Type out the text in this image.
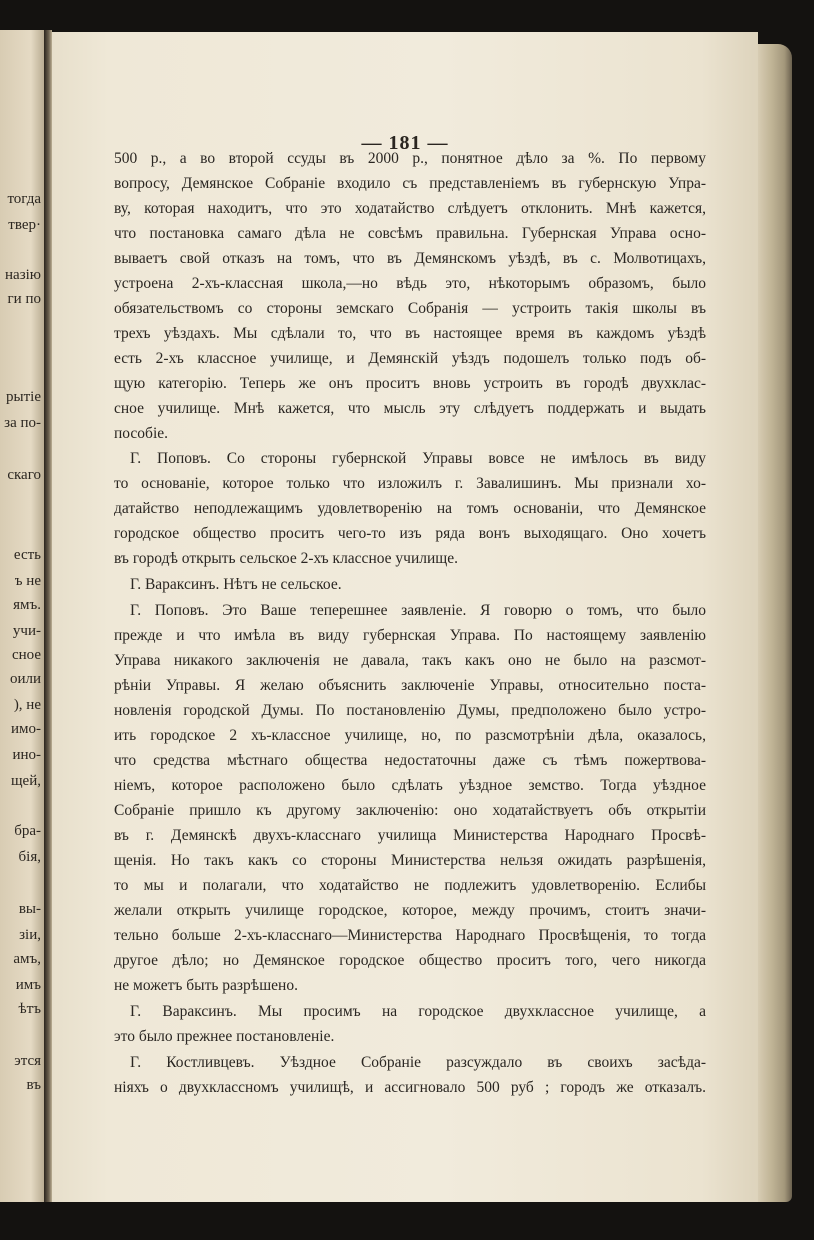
тогда
твер·
назію
ги по
рытіе
за по-
скаго
есть
ъ не
ямъ.
учи-
сное
оили
), не
имо-
ино-
щей,
бра-
бія,
вы-
зіи,
амъ,
имъ
ѣтъ
этся
въ
— 181 —
500 р., а во второй ссуды въ 2000 р., понятное дѣло за %. По первому
вопросу, Демянское Собраніе входило съ представленіемъ въ губернскую Упра-
ву, которая находитъ, что это ходатайство слѣдуетъ отклонить. Мнѣ кажется,
что постановка самаго дѣла не совсѣмъ правильна. Губернская Управа осно-
вываетъ свой отказъ на томъ, что въ Демянскомъ уѣздѣ, въ с. Молвотицахъ,
устроена 2-хъ-классная школа,—но вѣдь это, нѣкоторымъ образомъ, было
обязательствомъ со стороны земскаго Собранія — устроить такія школы въ
трехъ уѣздахъ. Мы сдѣлали то, что въ настоящее время въ каждомъ уѣздѣ
есть 2-хъ классное училище, и Демянскій уѣздъ подошелъ только подъ об-
щую категорію. Теперь же онъ проситъ вновь устроить въ городѣ двухклас-
сное училище. Мнѣ кажется, что мысль эту слѣдуетъ поддержать и выдать
пособіе.
Г. Поповъ. Со стороны губернской Управы вовсе не имѣлось въ виду
то основаніе, которое только что изложилъ г. Завалишинъ. Мы признали хо-
датайство неподлежащимъ удовлетворенію на томъ основаніи, что Демянское
городское общество проситъ чего-то изъ ряда вонъ выходящаго. Оно хочетъ
въ городѣ открыть сельское 2-хъ классное училище.
Г. Вараксинъ. Нѣтъ не сельское.
Г. Поповъ. Это Ваше теперешнее заявленіе. Я говорю о томъ, что было
прежде и что имѣла въ виду губернская Управа. По настоящему заявленію
Управа никакого заключенія не давала, такъ какъ оно не было на разсмот-
рѣніи Управы. Я желаю объяснить заключеніе Управы, относительно поста-
новленія городской Думы. По постановленію Думы, предположено было устро-
ить городское 2 хъ-классное училище, но, по разсмотрѣніи дѣла, оказалось,
что средства мѣстнаго общества недостаточны даже съ тѣмъ пожертвова-
ніемъ, которое расположено было сдѣлать уѣздное земство. Тогда уѣздное
Собраніе пришло къ другому заключенію: оно ходатайствуетъ объ открытіи
въ г. Демянскѣ двухъ-класснаго училища Министерства Народнаго Просвѣ-
щенія. Но такъ какъ со стороны Министерства нельзя ожидать разрѣшенія,
то мы и полагали, что ходатайство не подлежитъ удовлетворенію. Еслибы
желали открыть училище городское, которое, между прочимъ, стоитъ значи-
тельно больше 2-хъ-класснаго—Министерства Народнаго Просвѣщенія, то тогда
другое дѣло; но Демянское городское общество проситъ того, чего никогда
не можетъ быть разрѣшено.
Г. Вараксинъ. Мы просимъ на городское двухклассное училище, а
это было прежнее постановленіе.
Г. Костливцевъ. Уѣздное Собраніе разсуждало въ своихъ засѣда-
ніяхъ о двухклассномъ училищѣ, и ассигновало 500 руб ; городъ же отказалъ.
